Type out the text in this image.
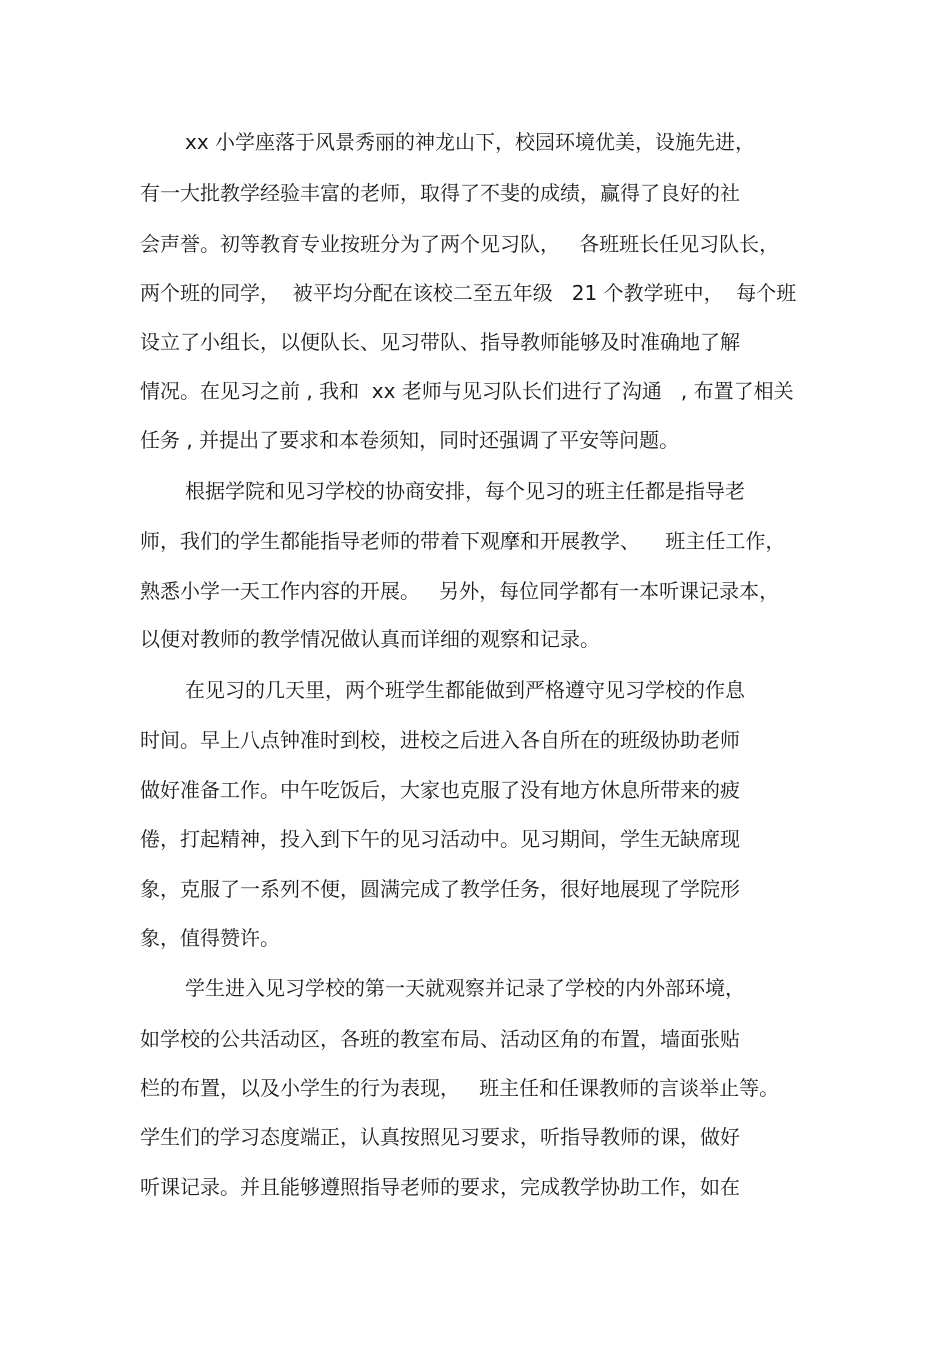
xx 小学座落于风景秀丽的神龙山下，校园环境优美，设施先进，
有一大批教学经验丰富的老师，取得了不斐的成绩，赢得了良好的社
会声誉。初等教育专业按班分为了两个见习队，   各班班长任见习队长，
两个班的同学，  被平均分配在该校二至五年级   21 个教学班中，  每个班
设立了小组长，以便队长、见习带队、指导教师能够及时准确地了解
情况。在见习之前 , 我和  xx 老师与见习队长们进行了沟通   , 布置了相关
任务 , 并提出了要求和本卷须知，同时还强调了平安等问题。
根据学院和见习学校的协商安排，每个见习的班主任都是指导老
师，我们的学生都能指导老师的带着下观摩和开展教学、    班主任工作，
熟悉小学一天工作内容的开展。   另外，每位同学都有一本听课记录本，
以便对教师的教学情况做认真而详细的观察和记录。
在见习的几天里，两个班学生都能做到严格遵守见习学校的作息
时间。早上八点钟准时到校，进校之后进入各自所在的班级协助老师
做好准备工作。中午吃饭后，大家也克服了没有地方休息所带来的疲
倦，打起精神，投入到下午的见习活动中。见习期间，学生无缺席现
象，克服了一系列不便，圆满完成了教学任务，很好地展现了学院形
象，值得赞许。
学生进入见习学校的第一天就观察并记录了学校的内外部环境，
如学校的公共活动区，各班的教室布局、活动区角的布置，墙面张贴
栏的布置，以及小学生的行为表现，   班主任和任课教师的言谈举止等。
学生们的学习态度端正，认真按照见习要求，听指导教师的课，做好
听课记录。并且能够遵照指导老师的要求，完成教学协助工作，如在
